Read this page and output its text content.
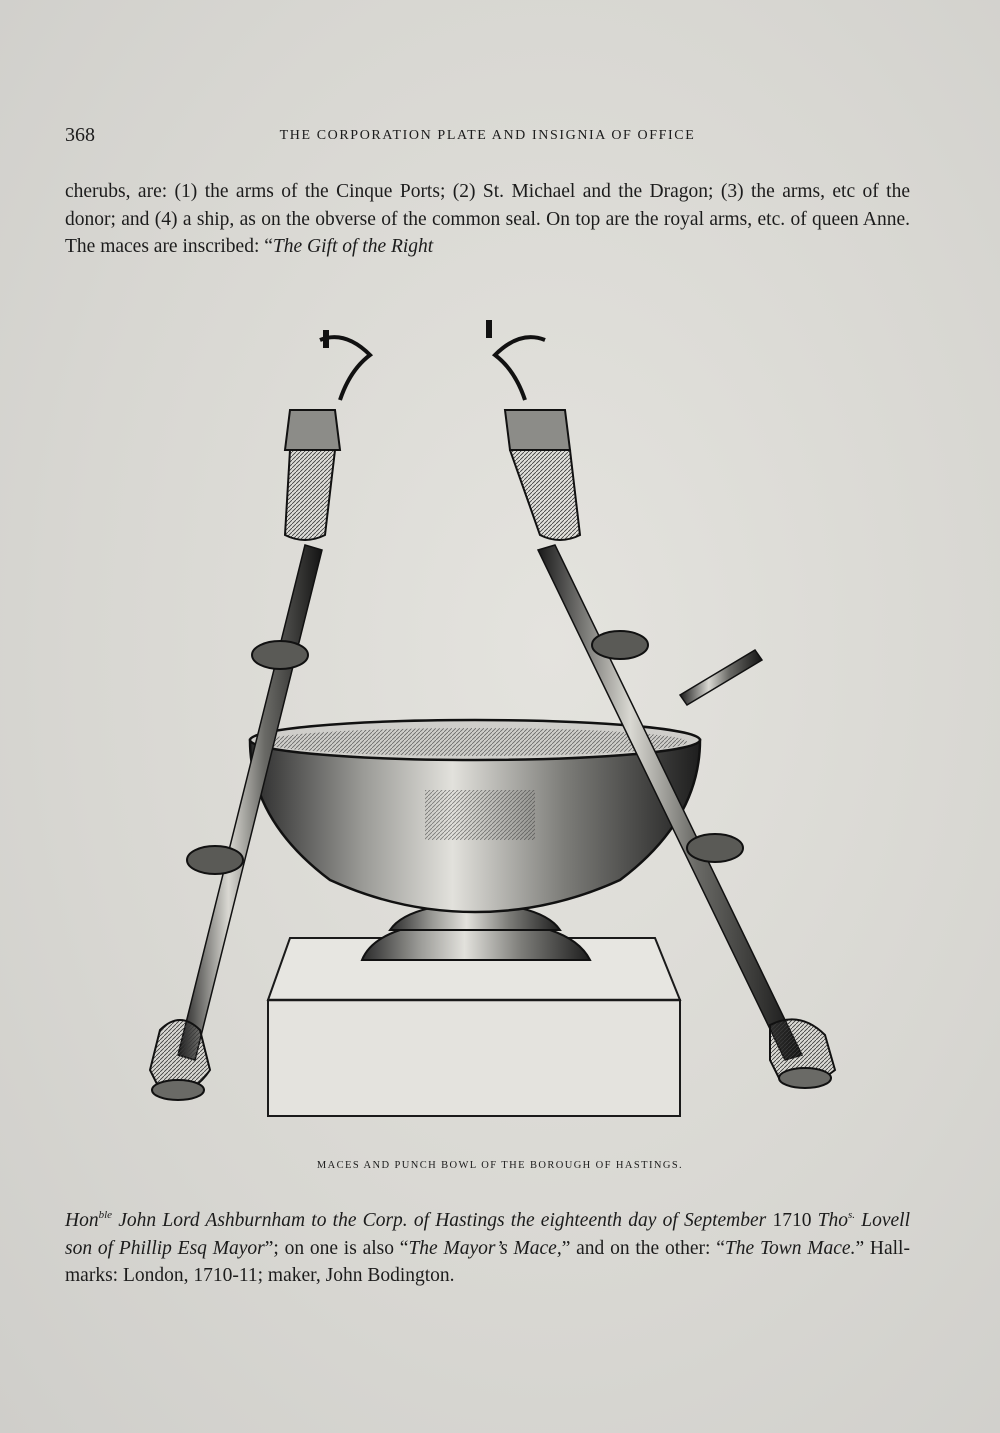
368	THE CORPORATION PLATE AND INSIGNIA OF OFFICE
cherubs, are: (1) the arms of the Cinque Ports; (2) St. Michael and the Dragon; (3) the arms, etc of the donor; and (4) a ship, as on the obverse of the common seal. On top are the royal arms, etc. of queen Anne. The maces are inscribed: “The Gift of the Right
MACES AND PUNCH BOWL OF THE BOROUGH OF HASTINGS.
Hon$^{ble}$ John Lord Ashburnham to the Corp. of Hastings the eighteenth day of September 1710 Tho$^{s.}$ Lovell son of Phillip Esq Mayor”; on one is also “The Mayor’s Mace,” and on the other: “The Town Mace.” Hall-marks: London, 1710-11; maker, John Bodington.
